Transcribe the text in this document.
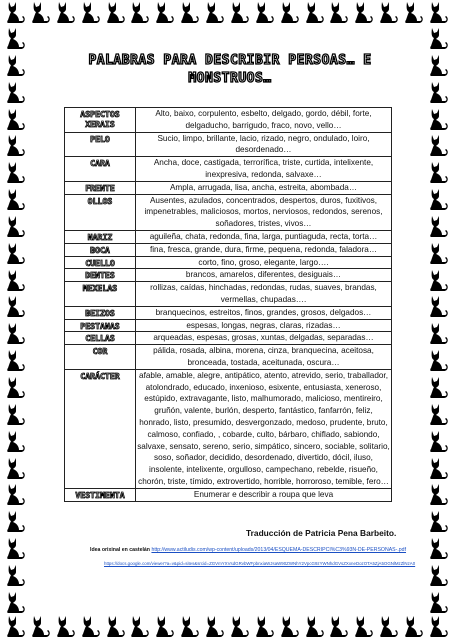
PALABRAS PARA DESCRIBIR PERSOAS… E
MONSTRUOS…
ASPECTOS XERAIS	Alto, baixo, corpulento, esbelto, delgado, gordo, débil, forte, delgaducho, barrigudo, fraco, novo, vello…
PELO	Sucio, limpo, brillante, lacio, rizado, negro, ondulado, loiro, desordenado…
CARA	Ancha, doce, castigada, terrorífica, triste, curtida, intelixente, inexpresiva, redonda, salvaxe…
FRENTE	Ampla, arrugada, lisa, ancha, estreita, abombada…
OLLOS	Ausentes, azulados, concentrados, despertos, duros, fuxitivos, impenetrables, maliciosos, mortos, nerviosos, redondos, serenos, soñadores, tristes, vivos…
NARIZ	aguileña, chata, redonda, fina, larga, puntiaguda, recta, torta…
BOCA	fina, fresca, grande, dura, firme, pequena, redonda, faladora…
CUELLO	corto, fino, groso, elegante, largo….
DENTES	brancos, amarelos, diferentes, desiguais…
MEXELAS	rollizas, caídas, hinchadas, redondas, rudas, suaves, brandas, vermellas, chupadas….
BEIZOS	branquecinos, estreitos, finos, grandes, grosos, delgados…
PESTANAS	espesas, longas, negras, claras, rizadas…
CELLAS	arqueadas, espesas, grosas, xuntas, delgadas, separadas…
COR	pálida, rosada, albina, morena, cinza, branquecina, aceitosa, bronceada, tostada, aceitunada, oscura…
CARÁCTER	afable, amable, alegre, antipático, atento, atrevido, serio, traballador, atolondrado, educado, inxenioso, esixente, entusiasta, xeneroso, estúpido, extravagante, listo, malhumorado, malicioso, mentireiro, gruñón, valente, burlón, desperto, fantástico, fanfarrón, feliz, honrado, listo, presumido, desvergonzado, medoso, prudente, bruto, calmoso, confiado, , cobarde, culto, bárbaro, chiflado, sabiondo, salvaxe, sensato, sereno, serio, simpático, sincero, sociable, solitario, soso, soñador, decidido, desordenado, divertido, dócil, iluso, insolente, intelixente, orgulloso, campechano, rebelde, risueño, chorón, triste, tímido, extrovertido, horrible, horroroso, temible, fero…
VESTIMENTA	Enumerar e describir a roupa que leva
Traducción de Patricia Pena Barbeito.
Idea orixinal en castelán http://www.actiludis.com/wp-content/uploads/2013/04/ESQUEMA-DESCRIPCI%C3%93N-DE-PERSONAS-.pdf
https://docs.google.com/viewer?a=v&pid=sites&srcid=ZGVmYXVsdGRvbWFpbnxiaWJsaW90ZWNhY2VpcG9zYWNhdGVsZXxneDozOTA5ZjA5OGNlMzZlNzA0
